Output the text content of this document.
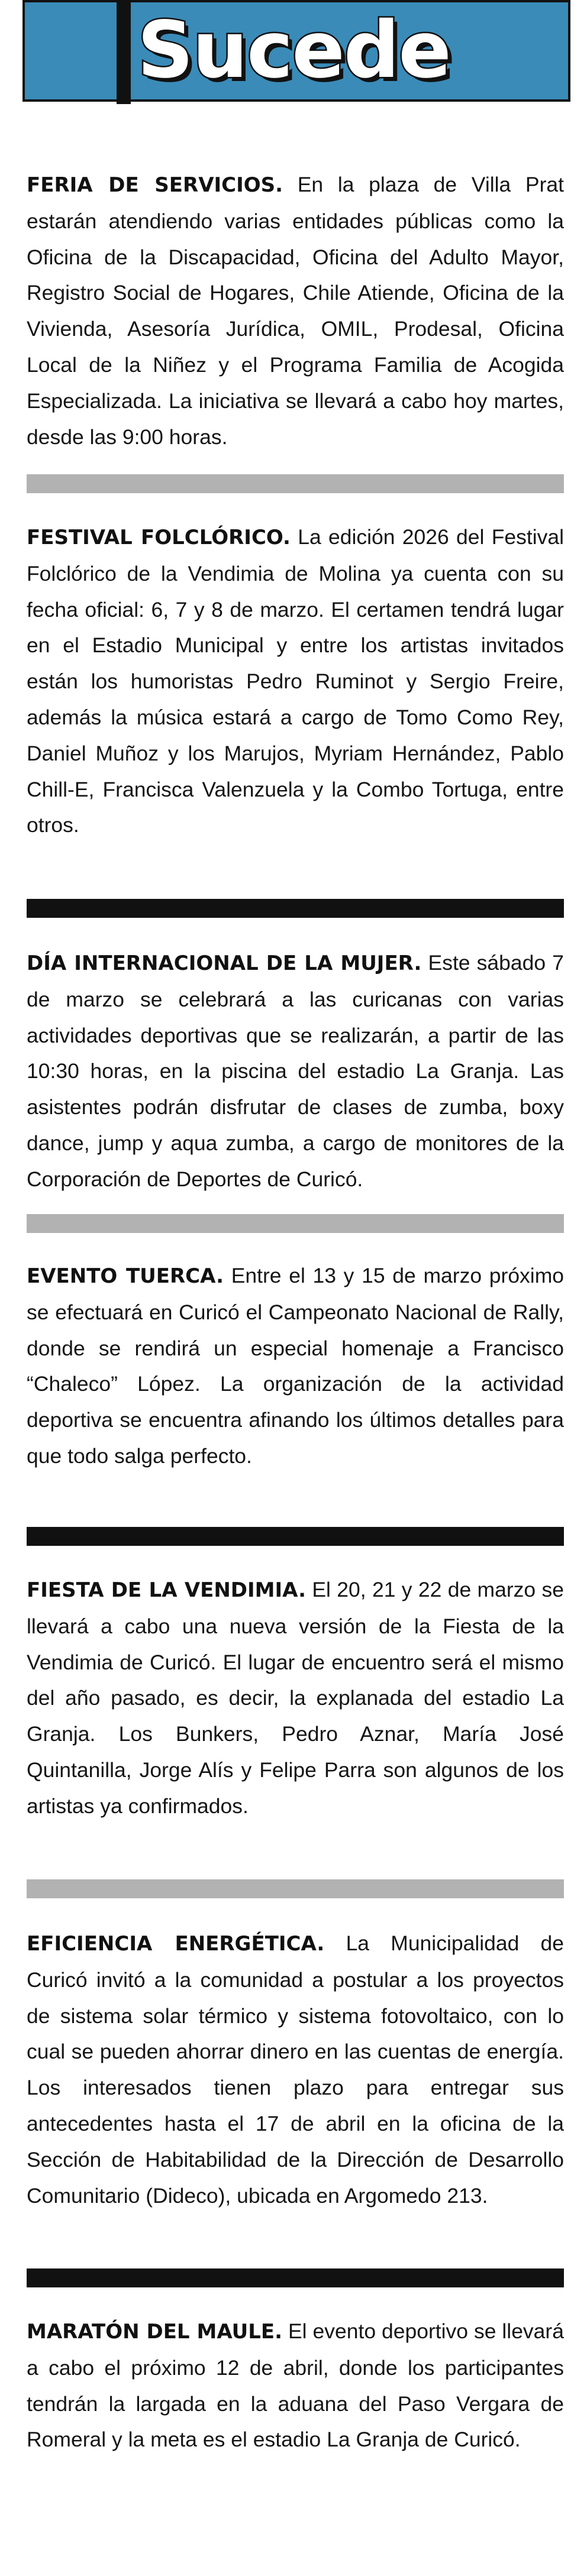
Sucede

FERIA DE SERVICIOS. En la plaza de Villa Prat estarán atendiendo varias entidades públicas como la Oficina de la Discapacidad, Oficina del Adulto Mayor, Registro Social de Hogares, Chile Atiende, Oficina de la Vivienda, Asesoría Jurídica, OMIL, Prodesal, Oficina Local de la Niñez y el Programa Familia de Acogida Especializada. La iniciativa se llevará a cabo hoy martes, desde las 9:00 horas.

FESTIVAL FOLCLÓRICO. La edición 2026 del Festival Folclórico de la Vendimia de Molina ya cuenta con su fecha oficial: 6, 7 y 8 de marzo. El certamen tendrá lugar en el Estadio Municipal y entre los artistas invitados están los humoristas Pedro Ruminot y Sergio Freire, además la música estará a cargo de Tomo Como Rey, Daniel Muñoz y los Marujos, Myriam Hernández, Pablo Chill-E, Francisca Valenzuela y la Combo Tortuga, entre otros.

DÍA INTERNACIONAL DE LA MUJER. Este sábado 7 de marzo se celebrará a las curicanas con varias actividades deportivas que se realizarán, a partir de las 10:30 horas, en la piscina del estadio La Granja. Las asistentes podrán disfrutar de clases de zumba, boxy dance, jump y aqua zumba, a cargo de monitores de la Corporación de Deportes de Curicó.

EVENTO TUERCA. Entre el 13 y 15 de marzo próximo se efectuará en Curicó el Campeonato Nacional de Rally, donde se rendirá un especial homenaje a Francisco “Chaleco” López. La organización de la actividad deportiva se encuentra afinando los últimos detalles para que todo salga perfecto.

FIESTA DE LA VENDIMIA. El 20, 21 y 22 de marzo se llevará a cabo una nueva versión de la Fiesta de la Vendimia de Curicó. El lugar de encuentro será el mismo del año pasado, es decir, la explanada del estadio La Granja. Los Bunkers, Pedro Aznar, María José Quintanilla, Jorge Alís y Felipe Parra son algunos de los artistas ya confirmados.

EFICIENCIA ENERGÉTICA. La Municipalidad de Curicó invitó a la comunidad a postular a los proyectos de sistema solar térmico y sistema fotovoltaico, con lo cual se pueden ahorrar dinero en las cuentas de energía. Los interesados tienen plazo para entregar sus antecedentes hasta el 17 de abril en la oficina de la Sección de Habitabilidad de la Dirección de Desarrollo Comunitario (Dideco), ubicada en Argomedo 213.

MARATÓN DEL MAULE. El evento deportivo se llevará a cabo el próximo 12 de abril, donde los participantes tendrán la largada en la aduana del Paso Vergara de Romeral y la meta es el estadio La Granja de Curicó.
